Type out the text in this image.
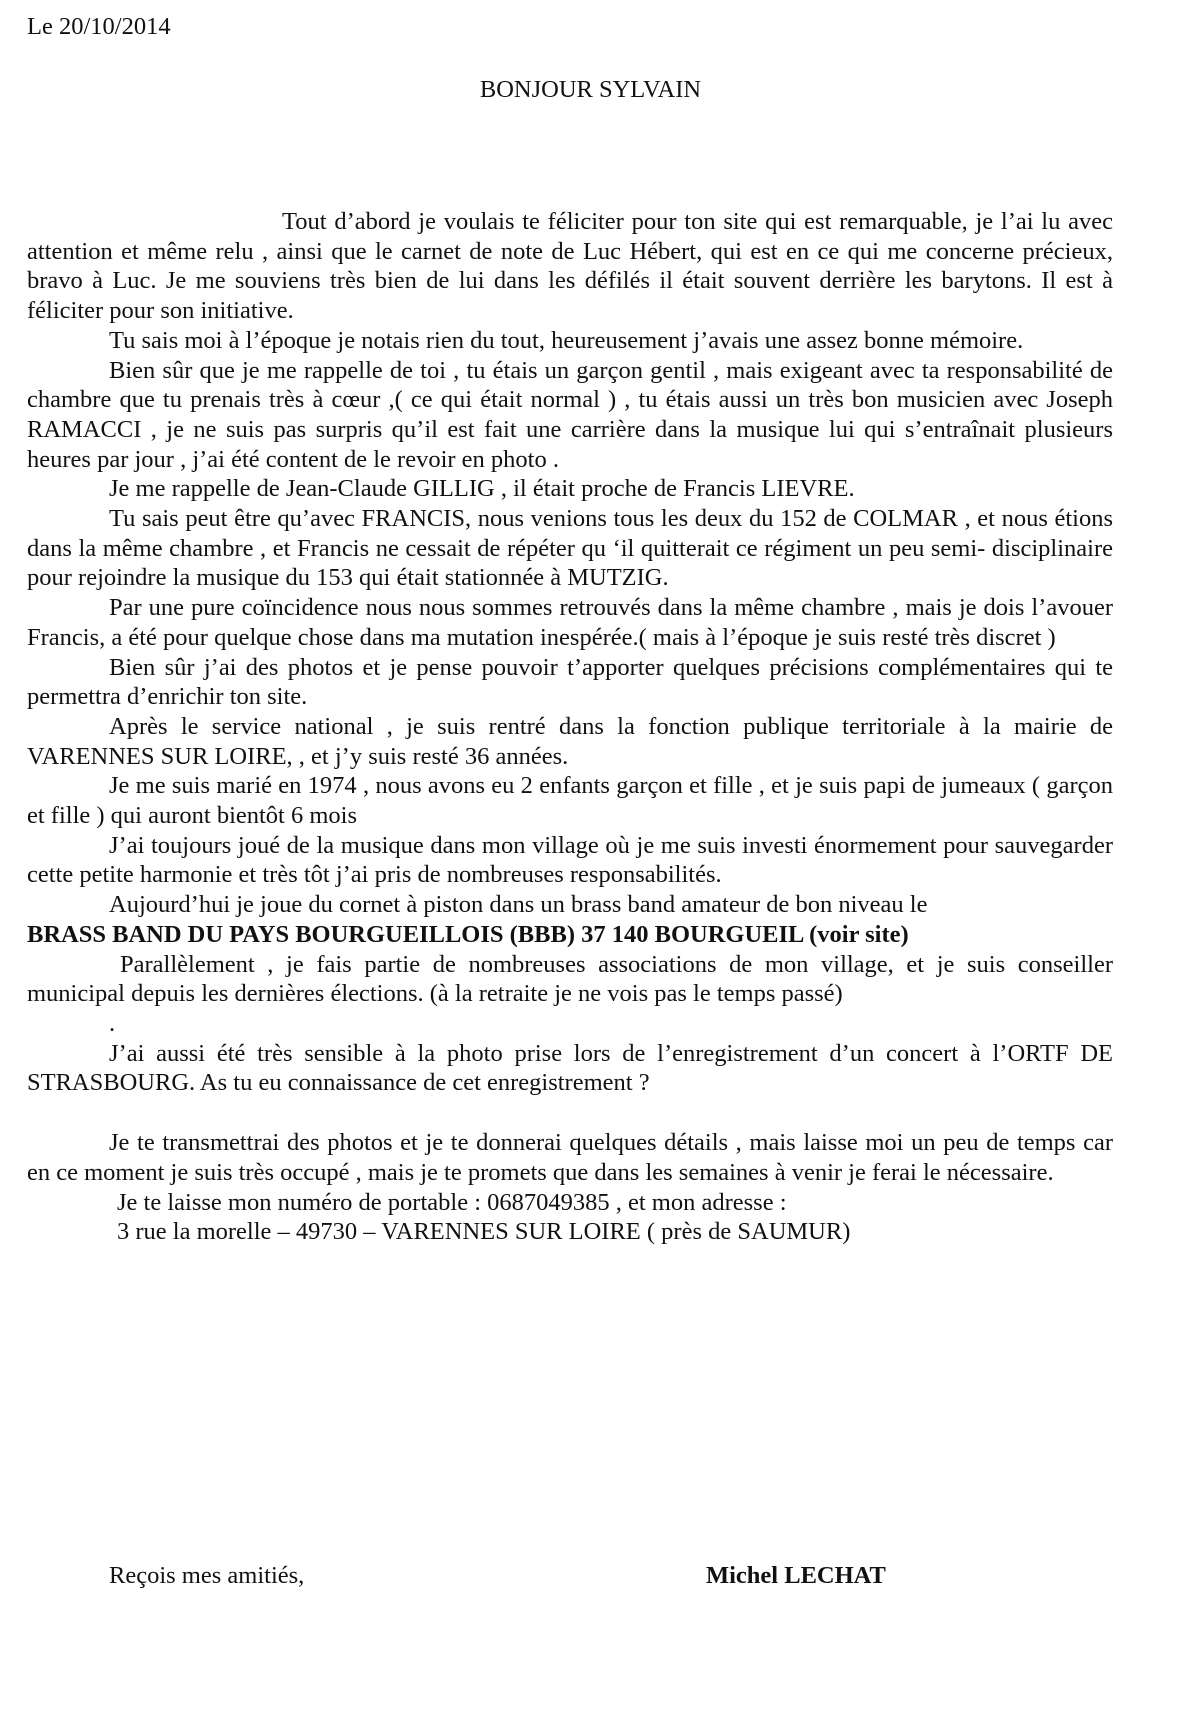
Le 20/10/2014
BONJOUR SYLVAIN

Tout d’abord je voulais te féliciter pour ton site qui est remarquable, je l’ai lu avec attention et même relu , ainsi que le carnet de note de Luc Hébert, qui est en ce qui me concerne précieux, bravo à Luc. Je me souviens très bien de lui dans les défilés il était souvent derrière les barytons. Il est à féliciter pour son initiative.

Tu sais moi à l’époque je notais rien du tout, heureusement j’avais une assez bonne mémoire.

Bien sûr que je me rappelle de toi , tu étais un garçon gentil , mais exigeant avec ta responsabilité de chambre que tu prenais très à cœur ,( ce qui était normal ) , tu étais aussi un très bon musicien avec Joseph RAMACCI , je ne suis pas surpris qu’il est fait une carrière dans la musique lui qui s’entraînait plusieurs heures par jour , j’ai été content de le revoir en photo .

Je me rappelle de Jean-Claude GILLIG , il était proche de Francis LIEVRE.

Tu sais peut être qu’avec FRANCIS, nous venions tous les deux du 152 de COLMAR , et nous étions dans la même chambre , et Francis ne cessait de répéter qu ‘il quitterait ce régiment un peu semi- disciplinaire pour rejoindre la musique du 153 qui était stationnée à MUTZIG.

Par une pure coïncidence nous nous sommes retrouvés dans la même chambre , mais je dois l’avouer Francis, a été pour quelque chose dans ma mutation inespérée.( mais à l’époque je suis resté très discret )

Bien sûr j’ai des photos et je pense pouvoir t’apporter quelques précisions complémentaires qui te permettra d’enrichir ton site.

Après le service national , je suis rentré dans la fonction publique territoriale à la mairie de VARENNES SUR LOIRE, , et j’y suis resté 36 années.

Je me suis marié en 1974 , nous avons eu 2 enfants garçon et fille , et je suis papi de jumeaux ( garçon et fille ) qui auront bientôt 6 mois

J’ai toujours joué de la musique dans mon village où je me suis investi énormement pour sauvegarder cette petite harmonie et très tôt j’ai pris de nombreuses responsabilités.

Aujourd’hui je joue du cornet à piston dans un brass band amateur de bon niveau le

BRASS BAND DU PAYS BOURGUEILLOIS (BBB) 37 140 BOURGUEIL (voir site)

Parallèlement , je fais partie de nombreuses associations de mon village, et je suis conseiller municipal depuis les dernières élections. (à la retraite je ne vois pas le temps passé)

.

J’ai aussi été très sensible à la photo prise lors de l’enregistrement d’un concert à l’ORTF DE STRASBOURG. As tu eu connaissance de cet enregistrement ?

Je te transmettrai des photos et je te donnerai quelques détails , mais laisse moi un peu de temps car en ce moment je suis très occupé , mais je te promets que dans les semaines à venir je ferai le nécessaire.

Je te laisse mon numéro de portable : 0687049385 , et mon adresse :

3 rue la morelle – 49730 – VARENNES SUR LOIRE ( près de SAUMUR)

Reçois mes amitiés,	Michel LECHAT
